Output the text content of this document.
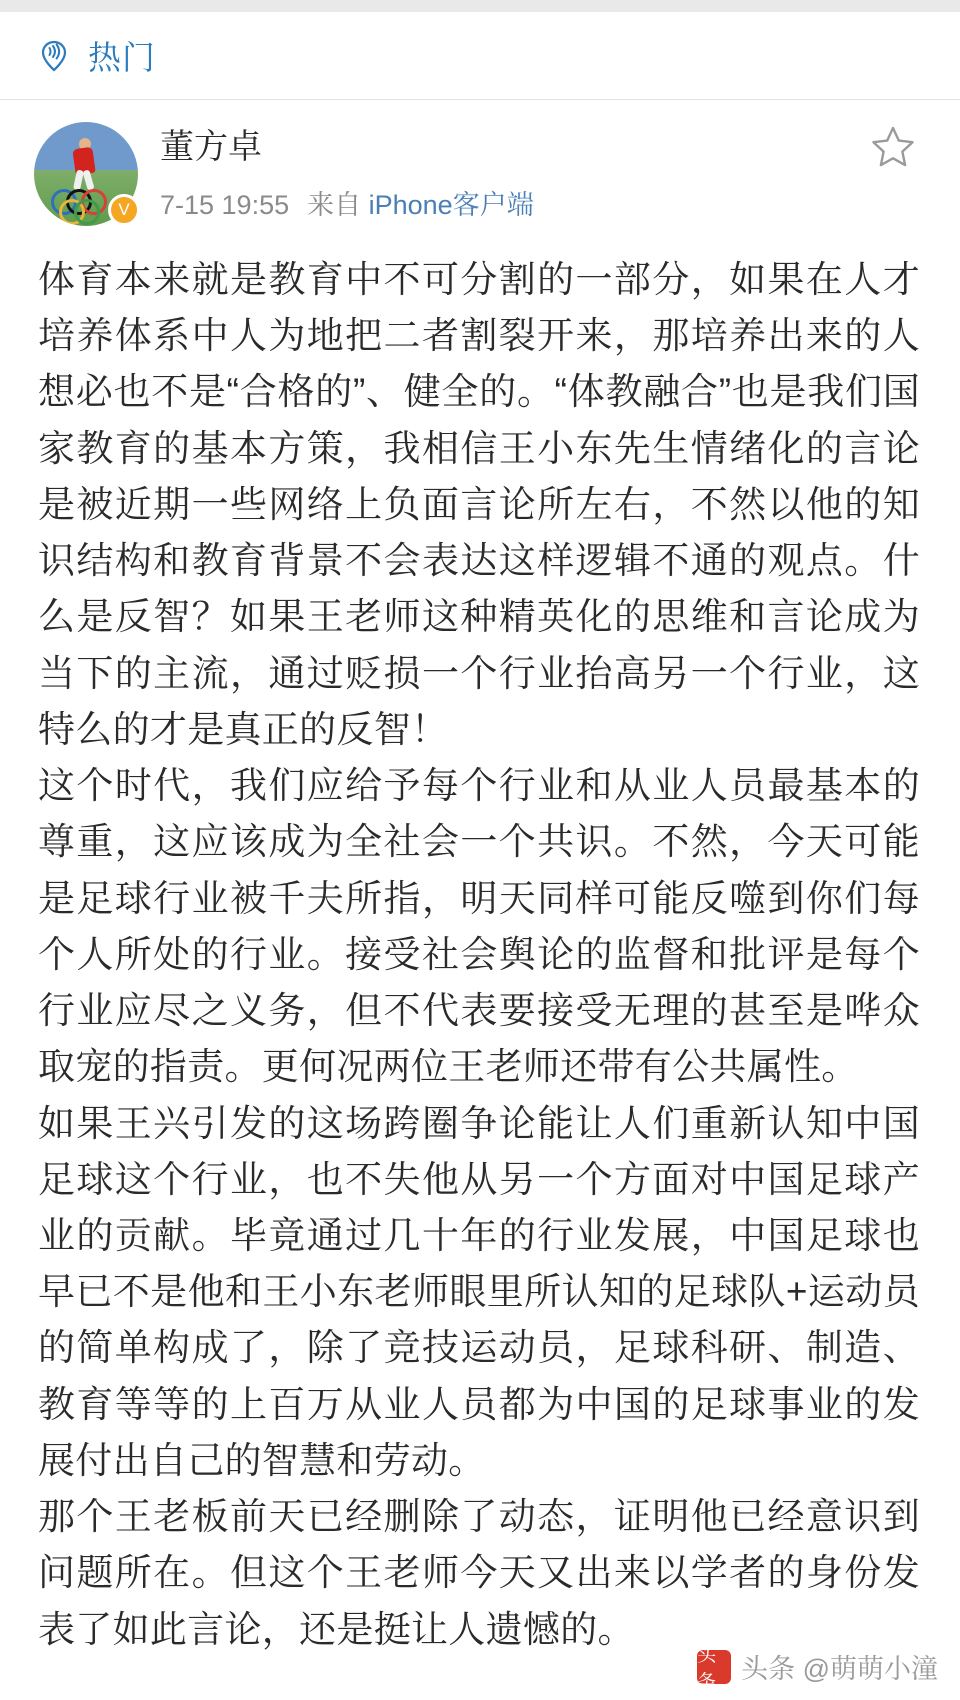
热门
V
董方卓
7-15 19:55 来自 iPhone客户端

体育本来就是教育中不可分割的一部分，如果在人才培养体系中人为地把二者割裂开来，那培养出来的人想必也不是“合格的”、健全的。“体教融合”也是我们国家教育的基本方策，我相信王小东先生情绪化的言论是被近期一些网络上负面言论所左右，不然以他的知识结构和教育背景不会表达这样逻辑不通的观点。什么是反智？如果王老师这种精英化的思维和言论成为当下的主流，通过贬损一个行业抬高另一个行业，这特么的才是真正的反智！

这个时代，我们应给予每个行业和从业人员最基本的尊重，这应该成为全社会一个共识。不然，今天可能是足球行业被千夫所指，明天同样可能反噬到你们每个人所处的行业。接受社会舆论的监督和批评是每个行业应尽之义务，但不代表要接受无理的甚至是哗众取宠的指责。更何况两位王老师还带有公共属性。

如果王兴引发的这场跨圈争论能让人们重新认知中国足球这个行业，也不失他从另一个方面对中国足球产业的贡献。毕竟通过几十年的行业发展，中国足球也早已不是他和王小东老师眼里所认知的足球队+运动员的简单构成了，除了竞技运动员，足球科研、制造、教育等等的上百万从业人员都为中国的足球事业的发展付出自己的智慧和劳动。

那个王老板前天已经删除了动态，证明他已经意识到问题所在。但这个王老师今天又出来以学者的身份发表了如此言论，还是挺让人遗憾的。

头条 头条 @萌萌小潼
